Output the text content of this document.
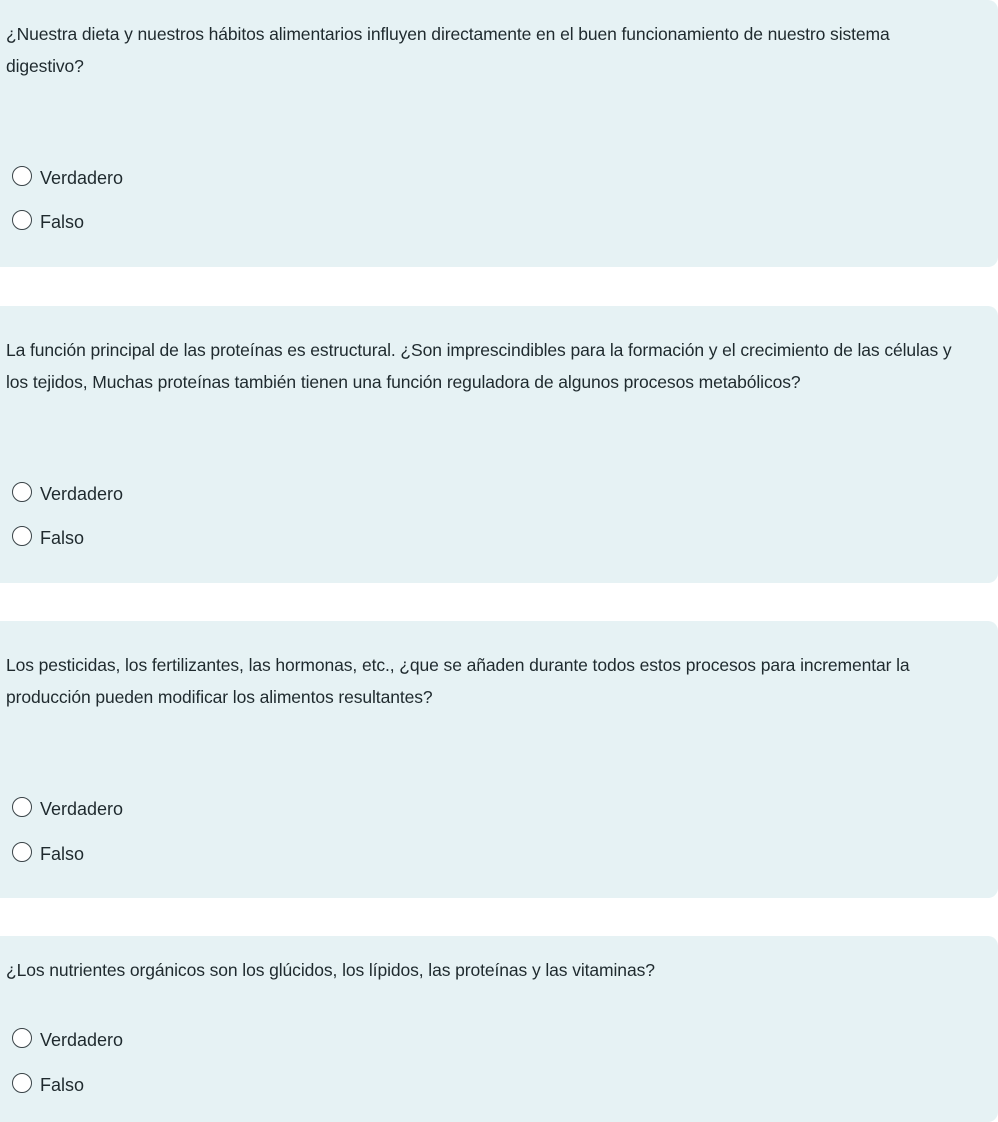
¿Nuestra dieta y nuestros hábitos alimentarios influyen directamente en el buen funcionamiento de nuestro sistema digestivo?

Verdadero
Falso

La función principal de las proteínas es estructural. ¿Son imprescindibles para la formación y el crecimiento de las células y los tejidos, Muchas proteínas también tienen una función reguladora de algunos procesos metabólicos?

Verdadero
Falso

Los pesticidas, los fertilizantes, las hormonas, etc., ¿que se añaden durante todos estos procesos para incrementar la producción pueden modificar los alimentos resultantes?

Verdadero
Falso

¿Los nutrientes orgánicos son los glúcidos, los lípidos, las proteínas y las vitaminas?

Verdadero
Falso
